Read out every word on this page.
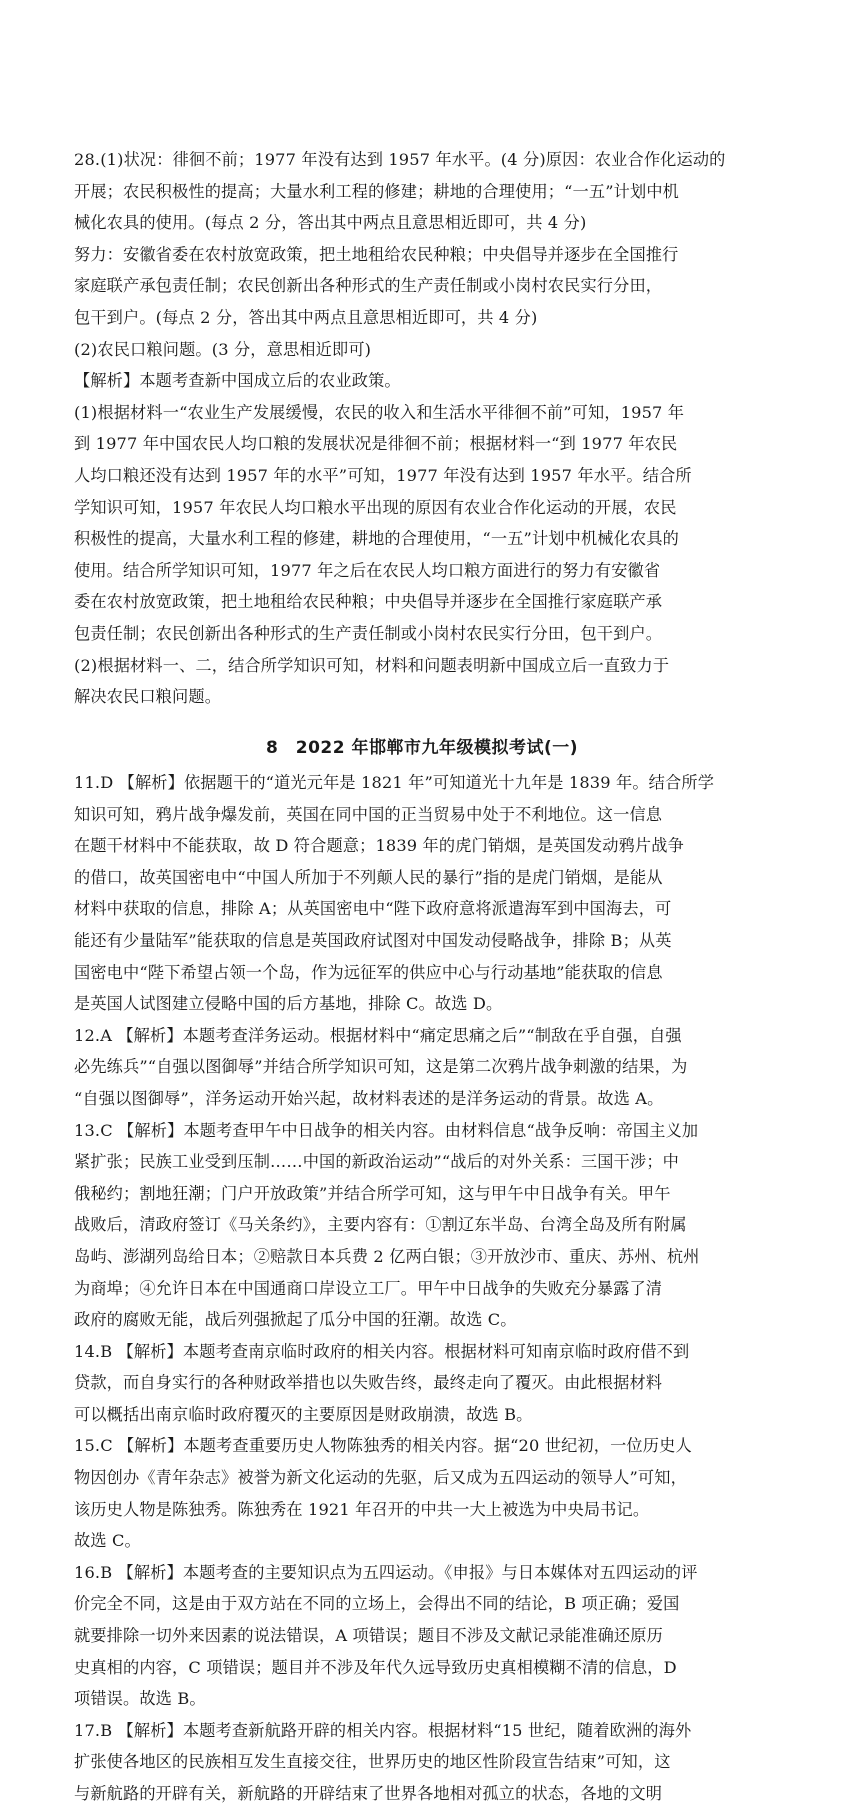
28.(1)状况：徘徊不前；1977 年没有达到 1957 年水平。(4 分)原因：农业合作化运动的

开展；农民积极性的提高；大量水利工程的修建；耕地的合理使用；“一五”计划中机

械化农具的使用。(每点 2 分，答出其中两点且意思相近即可，共 4 分)

努力：安徽省委在农村放宽政策，把土地租给农民种粮；中央倡导并逐步在全国推行

家庭联产承包责任制；农民创新出各种形式的生产责任制或小岗村农民实行分田，

包干到户。(每点 2 分，答出其中两点且意思相近即可，共 4 分)

(2)农民口粮问题。(3 分，意思相近即可)

【解析】本题考查新中国成立后的农业政策。

(1)根据材料一“农业生产发展缓慢，农民的收入和生活水平徘徊不前”可知，1957 年

到 1977 年中国农民人均口粮的发展状况是徘徊不前；根据材料一“到 1977 年农民

人均口粮还没有达到 1957 年的水平”可知，1977 年没有达到 1957 年水平。结合所

学知识可知，1957 年农民人均口粮水平出现的原因有农业合作化运动的开展，农民

积极性的提高，大量水利工程的修建，耕地的合理使用，“一五”计划中机械化农具的

使用。结合所学知识可知，1977 年之后在农民人均口粮方面进行的努力有安徽省

委在农村放宽政策，把土地租给农民种粮；中央倡导并逐步在全国推行家庭联产承

包责任制；农民创新出各种形式的生产责任制或小岗村农民实行分田，包干到户。

(2)根据材料一、二，结合所学知识可知，材料和问题表明新中国成立后一直致力于

解决农民口粮问题。

8　2022 年邯郸市九年级模拟考试(一)

11.D 【解析】依据题干的“道光元年是 1821 年”可知道光十九年是 1839 年。结合所学

知识可知，鸦片战争爆发前，英国在同中国的正当贸易中处于不利地位。这一信息

在题干材料中不能获取，故 D 符合题意；1839 年的虎门销烟，是英国发动鸦片战争

的借口，故英国密电中“中国人所加于不列颠人民的暴行”指的是虎门销烟，是能从

材料中获取的信息，排除 A；从英国密电中“陛下政府意将派遣海军到中国海去，可

能还有少量陆军”能获取的信息是英国政府试图对中国发动侵略战争，排除 B；从英

国密电中“陛下希望占领一个岛，作为远征军的供应中心与行动基地”能获取的信息

是英国人试图建立侵略中国的后方基地，排除 C。故选 D。

12.A 【解析】本题考查洋务运动。根据材料中“痛定思痛之后”“制敌在乎自强，自强

必先练兵”“自强以图御辱”并结合所学知识可知，这是第二次鸦片战争刺激的结果，为

“自强以图御辱”，洋务运动开始兴起，故材料表述的是洋务运动的背景。故选 A。

13.C 【解析】本题考查甲午中日战争的相关内容。由材料信息“战争反响：帝国主义加

紧扩张；民族工业受到压制……中国的新政治运动”“战后的对外关系：三国干涉；中

俄秘约；割地狂潮；门户开放政策”并结合所学可知，这与甲午中日战争有关。甲午

战败后，清政府签订《马关条约》，主要内容有：①割辽东半岛、台湾全岛及所有附属

岛屿、澎湖列岛给日本；②赔款日本兵费 2 亿两白银；③开放沙市、重庆、苏州、杭州

为商埠；④允许日本在中国通商口岸设立工厂。甲午中日战争的失败充分暴露了清

政府的腐败无能，战后列强掀起了瓜分中国的狂潮。故选 C。

14.B 【解析】本题考查南京临时政府的相关内容。根据材料可知南京临时政府借不到

贷款，而自身实行的各种财政举措也以失败告终，最终走向了覆灭。由此根据材料

可以概括出南京临时政府覆灭的主要原因是财政崩溃，故选 B。

15.C 【解析】本题考查重要历史人物陈独秀的相关内容。据“20 世纪初，一位历史人

物因创办《青年杂志》被誉为新文化运动的先驱，后又成为五四运动的领导人”可知，

该历史人物是陈独秀。陈独秀在 1921 年召开的中共一大上被选为中央局书记。

故选 C。

16.B 【解析】本题考查的主要知识点为五四运动。《申报》与日本媒体对五四运动的评

价完全不同，这是由于双方站在不同的立场上，会得出不同的结论，B 项正确；爱国

就要排除一切外来因素的说法错误，A 项错误；题目不涉及文献记录能准确还原历

史真相的内容，C 项错误；题目并不涉及年代久远导致历史真相模糊不清的信息，D

项错误。故选 B。

17.B 【解析】本题考查新航路开辟的相关内容。根据材料“15 世纪，随着欧洲的海外

扩张使各地区的民族相互发生直接交往，世界历史的地区性阶段宣告结束”可知，这

与新航路的开辟有关，新航路的开辟结束了世界各地相对孤立的状态，各地的文明
